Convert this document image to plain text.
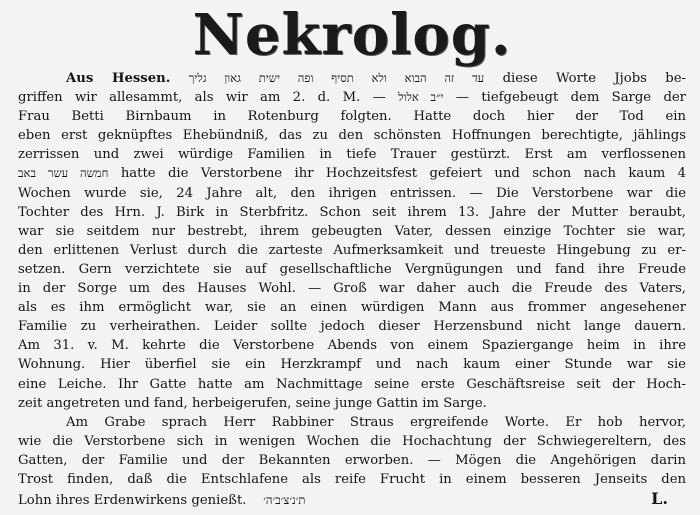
Nekrolog.
Aus Hessen. עד זה הבוא ולא תסיף ופה ישית גאון גליך diese Worte Jjobs be-
griffen wir allesammt, als wir am 2. d. M. — י״ב אלול — tiefgebeugt dem Sarge der
Frau Betti Birnbaum in Rotenburg folgten. Hatte doch hier der Tod ein
eben erst geknüpftes Ehebündniß, das zu den schönsten Hoffnungen berechtigte, jählings
zerrissen und zwei würdige Familien in tiefe Trauer gestürzt. Erst am verflossenen
חמשה עשר באב hatte die Verstorbene ihr Hochzeitsfest gefeiert und schon nach kaum 4
Wochen wurde sie, 24 Jahre alt, den ihrigen entrissen. — Die Verstorbene war die
Tochter des Hrn. J. Birk in Sterbfritz. Schon seit ihrem 13. Jahre der Mutter beraubt,
war sie seitdem nur bestrebt, ihrem gebeugten Vater, dessen einzige Tochter sie war,
den erlittenen Verlust durch die zarteste Aufmerksamkeit und treueste Hingebung zu er-
setzen. Gern verzichtete sie auf gesellschaftliche Vergnügungen und fand ihre Freude
in der Sorge um des Hauses Wohl. — Groß war daher auch die Freude des Vaters,
als es ihm ermöglicht war, sie an einen würdigen Mann aus frommer angesehener
Familie zu verheirathen. Leider sollte jedoch dieser Herzensbund nicht lange dauern.
Am 31. v. M. kehrte die Verstorbene Abends von einem Spaziergange heim in ihre
Wohnung. Hier überfiel sie ein Herzkrampf und nach kaum einer Stunde war sie
eine Leiche. Ihr Gatte hatte am Nachmittage seine erste Geschäftsreise seit der Hoch-
zeit angetreten und fand, herbeigerufen, seine junge Gattin im Sarge.
Am Grabe sprach Herr Rabbiner Straus ergreifende Worte. Er hob hervor,
wie die Verstorbene sich in wenigen Wochen die Hochachtung der Schwiegereltern, des
Gatten, der Familie und der Bekannten erworben. — Mögen die Angehörigen darin
Trost finden, daß die Entschlafene als reife Frucht in einem besseren Jenseits den
Lohn ihres Erdenwirkens genießt. ת׳נ׳צ׳ב׳ה׳	L.
